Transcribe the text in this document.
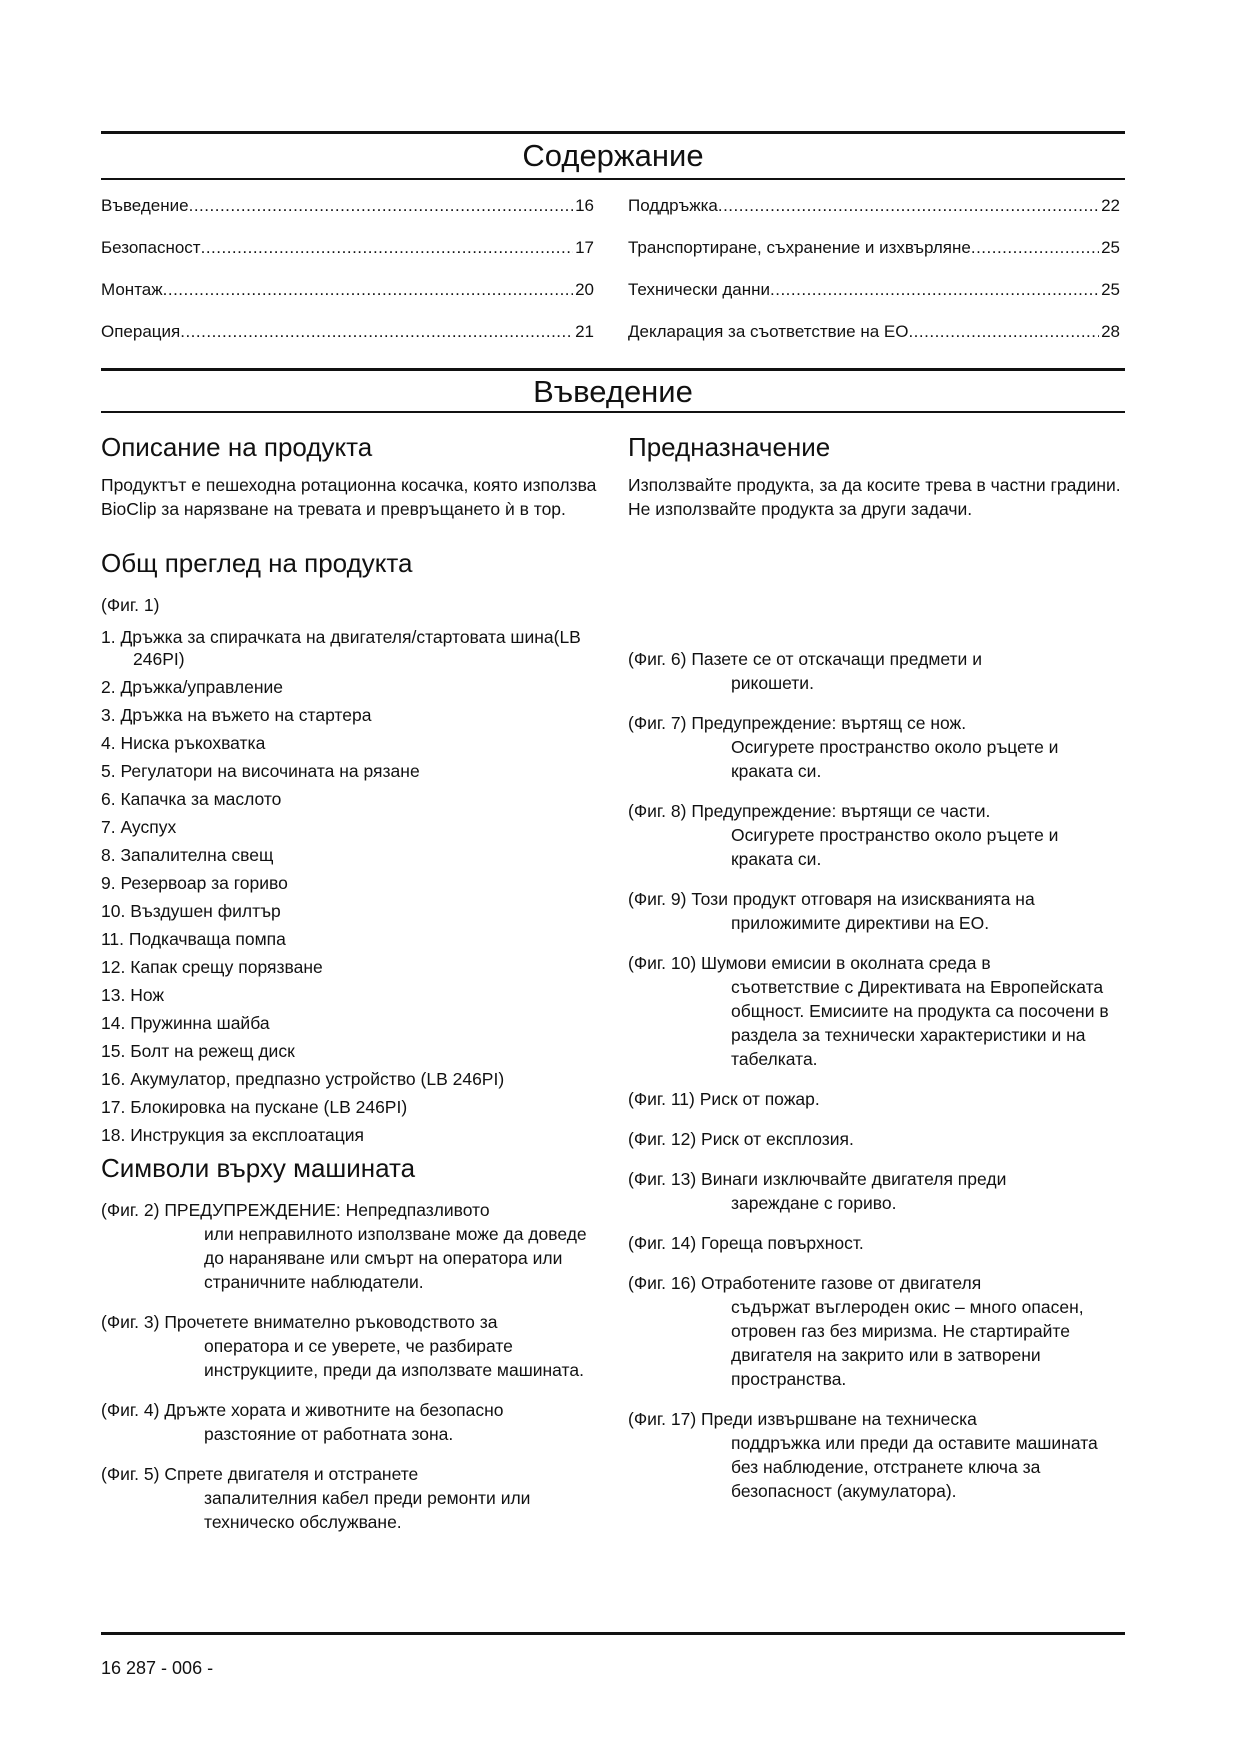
Содержание
Въведение .....	16
Безопасност .....	17
Монтаж .....	20
Операция .....	21
Поддръжка .....	22
Транспортиране, съхранение и изхвърляне .....	25
Технически данни .....	25
Декларация за съответствие на ЕО .....	28
Въведение
Описание на продукта

Продуктът е пешеходна ротационна косачка, която използва BioClip за нарязване на тревата и превръщането ѝ в тор.

Общ преглед на продукта

(Фиг. 1)

1. Дръжка за спирачката на двигателя/стартовата шина(LB 246PI)
2. Дръжка/управление
3. Дръжка на въжето на стартера
4. Ниска ръкохватка
5. Регулатори на височината на рязане
6. Капачка за маслото
7. Ауспух
8. Запалителна свещ
9. Резервоар за гориво
10. Въздушен филтър
11. Подкачваща помпа
12. Капак срещу порязване
13. Нож
14. Пружинна шайба
15. Болт на режещ диск
16. Акумулатор, предпазно устройство (LB 246PI)
17. Блокировка на пускане (LB 246PI)
18. Инструкция за експлоатация
Символи върху машината
(Фиг. 2) ПРЕДУПРЕЖДЕНИЕ: Непредпазливото
или неправилното използване може да доведе до нараняване или смърт на оператора или страничните наблюдатели.
(Фиг. 3) Прочетете внимателно ръководството за
оператора и се уверете, че разбирате инструкциите, преди да използвате машината.
(Фиг. 4) Дръжте хората и животните на безопасно
разстояние от работната зона.
(Фиг. 5) Спрете двигателя и отстранете
запалителния кабел преди ремонти или техническо обслужване.
Предназначение

Използвайте продукта, за да косите трева в частни градини. Не използвайте продукта за други задачи.

(Фиг. 6) Пазете се от отскачащи предмети и
рикошети.
(Фиг. 7) Предупреждение: въртящ се нож.
Осигурете пространство около ръцете и краката си.
(Фиг. 8) Предупреждение: въртящи се части.
Осигурете пространство около ръцете и краката си.
(Фиг. 9) Този продукт отговаря на изискванията на
приложимите директиви на ЕО.
(Фиг. 10) Шумови емисии в околната среда в
съответствие с Директивата на Европейската общност. Емисиите на продукта са посочени в раздела за технически характеристики и на табелката.
(Фиг. 11) Риск от пожар.
(Фиг. 12) Риск от експлозия.
(Фиг. 13) Винаги изключвайте двигателя преди
зареждане с гориво.
(Фиг. 14) Гореща повърхност.
(Фиг. 16) Отработените газове от двигателя
съдържат въглероден окис – много опасен, отровен газ без миризма. Не стартирайте двигателя на закрито или в затворени пространства.
(Фиг. 17) Преди извършване на техническа
поддръжка или преди да оставите машината без наблюдение, отстранете ключа за безопасност (акумулатора).
16 287 - 006 -
